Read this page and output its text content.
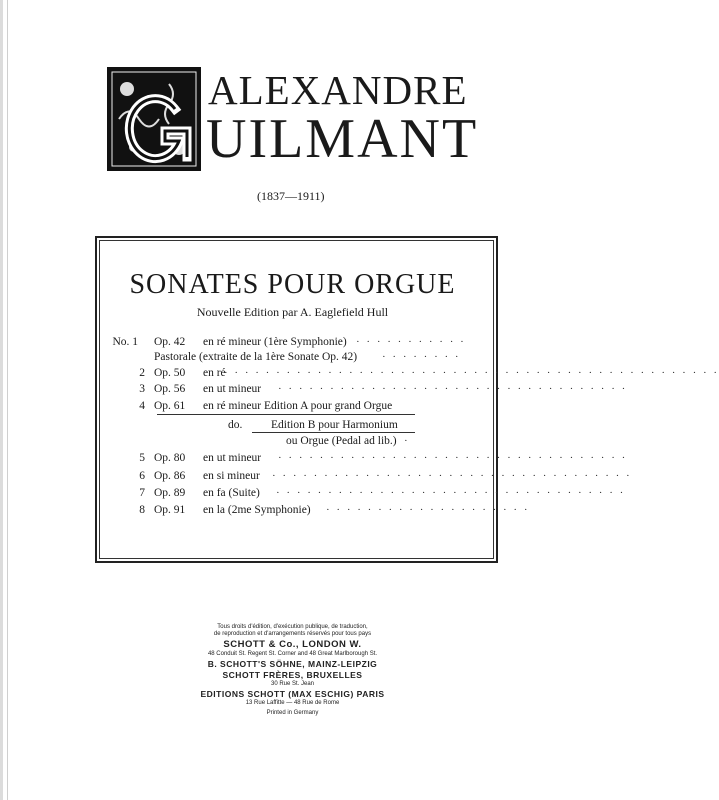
ALEXANDRE
UILMANT
(1837—1911)
SONATES POUR ORGUE
Nouvelle Edition par A. Eaglefield Hull
No. 1 Op. 42 en ré mineur (1ère Symphonie) · · · · · · · · · · ·
Pastorale (extraite de la 1ère Sonate Op. 42) · · · · · · · ·
2 Op. 50 en ré
· · · · · · · · · · · · · · · · · · · · · · · · · · · · · · · · · · · · · · · · · · · · · · · ·
3 Op. 56 en ut mineur · · · · · · · · · · · · · · · · · · · · · · · · · · · · · · · · · ·
4 Op. 61 en ré mineur Edition A pour grand Orgue
do. Edition B pour Harmonium
ou Orgue (Pedal ad lib.) ·
5 Op. 80 en ut mineur · · · · · · · · · · · · · · · · · · · · · · · · · · · · · · · · · ·
6 Op. 86 en si mineur · · · · · · · · · · · · · · · · · · · · · · · · · · · · · · · · · · ·
7 Op. 89 en fa (Suite) · · · · · · · · · · · · · · · · · · · · · · · · · · · · · · · · · ·
8 Op. 91 en la (2me Symphonie) · · · · · · · · · · · · · · · · · · · ·
Tous droits d'édition, d'exécution publique, de traduction,
de reproduction et d'arrangements réservés pour tous pays
SCHOTT & Co., LONDON W.
48 Conduit St. Regent St. Corner and 48 Great Marlborough St.
B. SCHOTT'S SÖHNE, MAINZ-LEIPZIG
SCHOTT FRÈRES, BRUXELLES
30 Rue St. Jean
EDITIONS SCHOTT (MAX ESCHIG) PARIS
13 Rue Laffitte — 48 Rue de Rome
Printed in Germany
